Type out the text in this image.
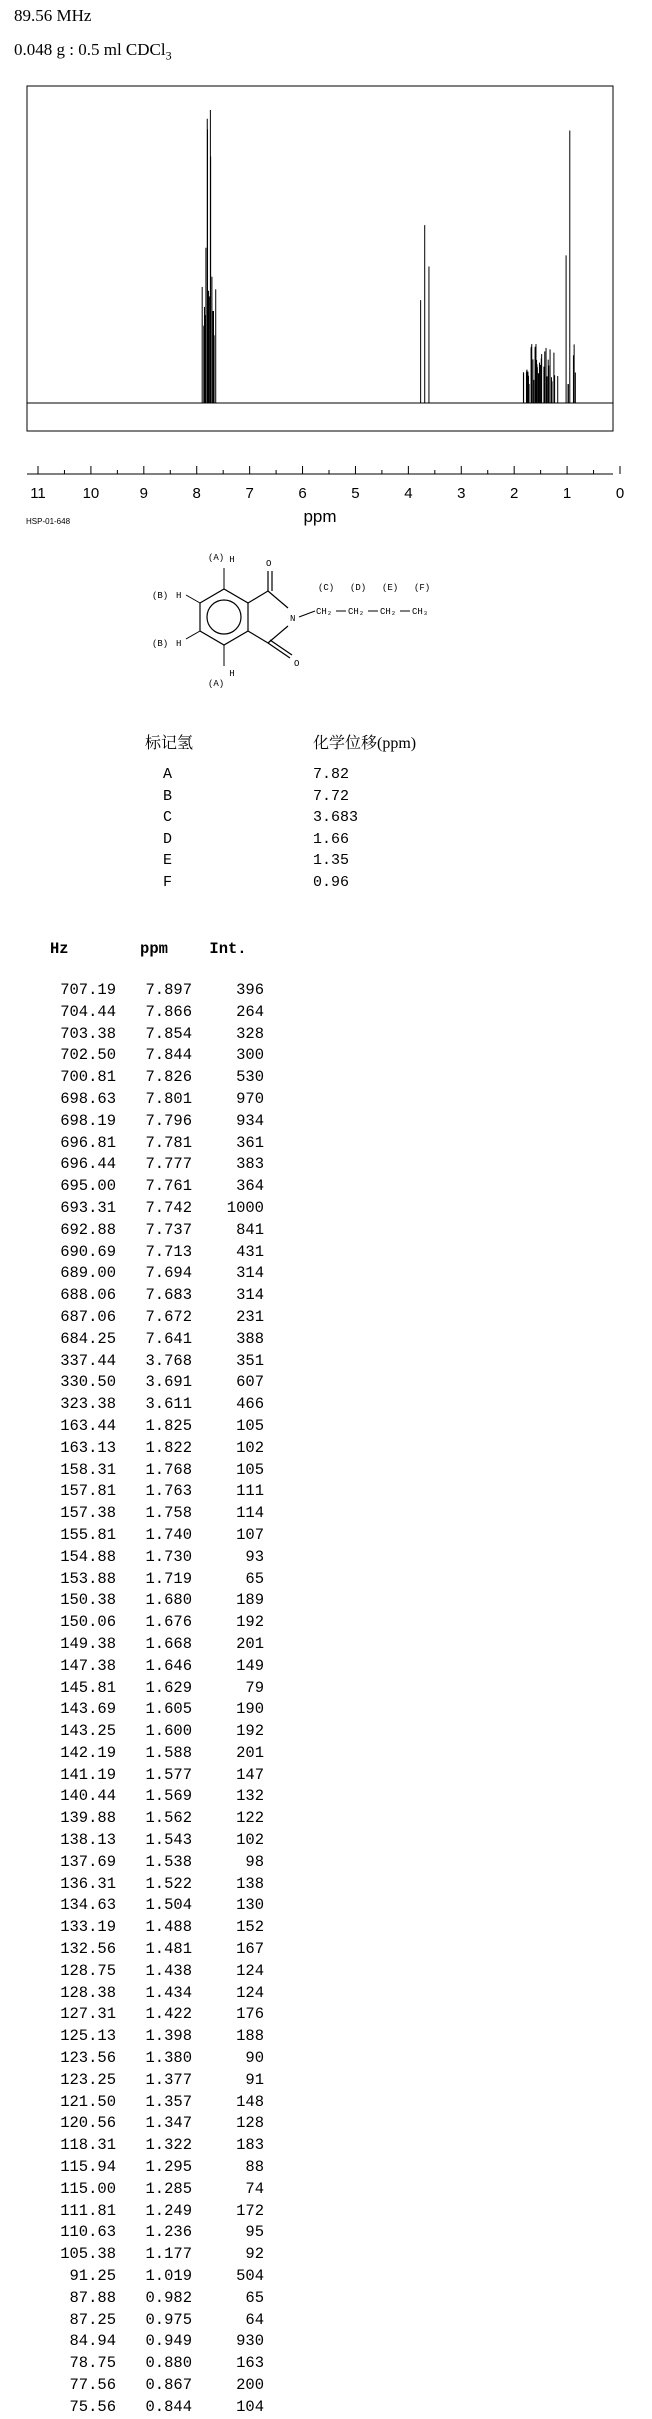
89.56 MHz
0.048 g : 0.5 ml CDCl$_3$
11 10	9	8	7	6	5	4	3	2	1	0
ppm
HSP-01-648
(A) H
(B) H
(B) H
(A)
H
O
O
N
(C) (D) (E) (F)
CH₂ CH₂ CH₂ CH₃
标记氢	化学位移(ppm)
A	7.82
B	7.72
C	3.683
D	1.66
E	1.35
F	0.96
Hz	ppm	Int.
707.19	7.897	396
704.44	7.866	264
703.38	7.854	328
702.50	7.844	300
700.81	7.826	530
698.63	7.801	970
698.19	7.796	934
696.81	7.781	361
696.44	7.777	383
695.00	7.761	364
693.31	7.742	1000
692.88	7.737	841
690.69	7.713	431
689.00	7.694	314
688.06	7.683	314
687.06	7.672	231
684.25	7.641	388
337.44	3.768	351
330.50	3.691	607
323.38	3.611	466
163.44	1.825	105
163.13	1.822	102
158.31	1.768	105
157.81	1.763	111
157.38	1.758	114
155.81	1.740	107
154.88	1.730	93
153.88	1.719	65
150.38	1.680	189
150.06	1.676	192
149.38	1.668	201
147.38	1.646	149
145.81	1.629	79
143.69	1.605	190
143.25	1.600	192
142.19	1.588	201
141.19	1.577	147
140.44	1.569	132
139.88	1.562	122
138.13	1.543	102
137.69	1.538	98
136.31	1.522	138
134.63	1.504	130
133.19	1.488	152
132.56	1.481	167
128.75	1.438	124
128.38	1.434	124
127.31	1.422	176
125.13	1.398	188
123.56	1.380	90
123.25	1.377	91
121.50	1.357	148
120.56	1.347	128
118.31	1.322	183
115.94	1.295	88
115.00	1.285	74
111.81	1.249	172
110.63	1.236	95
105.38	1.177	92
91.25	1.019	504
87.88	0.982	65
87.25	0.975	64
84.94	0.949	930
78.75	0.880	163
77.56	0.867	200
75.56	0.844	104
